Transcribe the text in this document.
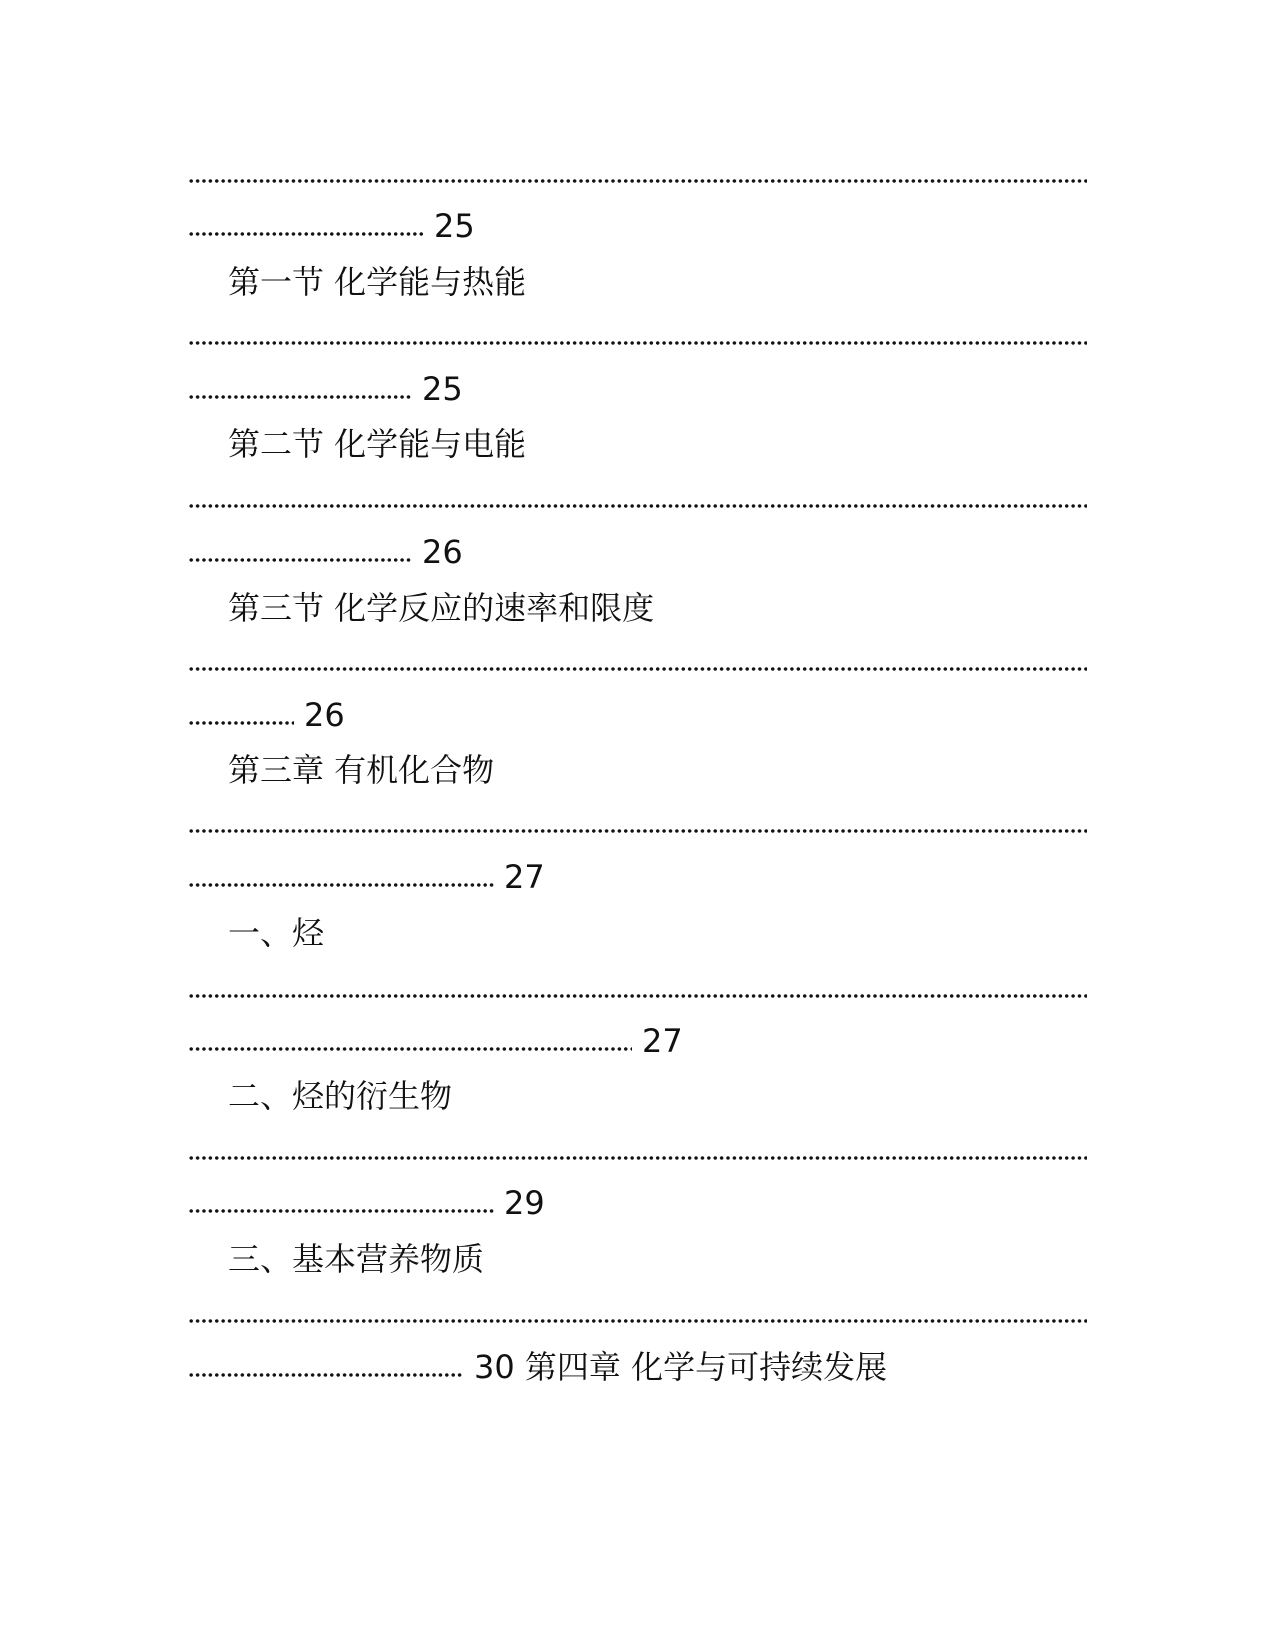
25
第一节 化学能与热能
25
第二节 化学能与电能
26
第三节 化学反应的速率和限度
26
第三章 有机化合物
27
一、烃
27
二、烃的衍生物
29
三、基本营养物质
30 第四章 化学与可持续发展
